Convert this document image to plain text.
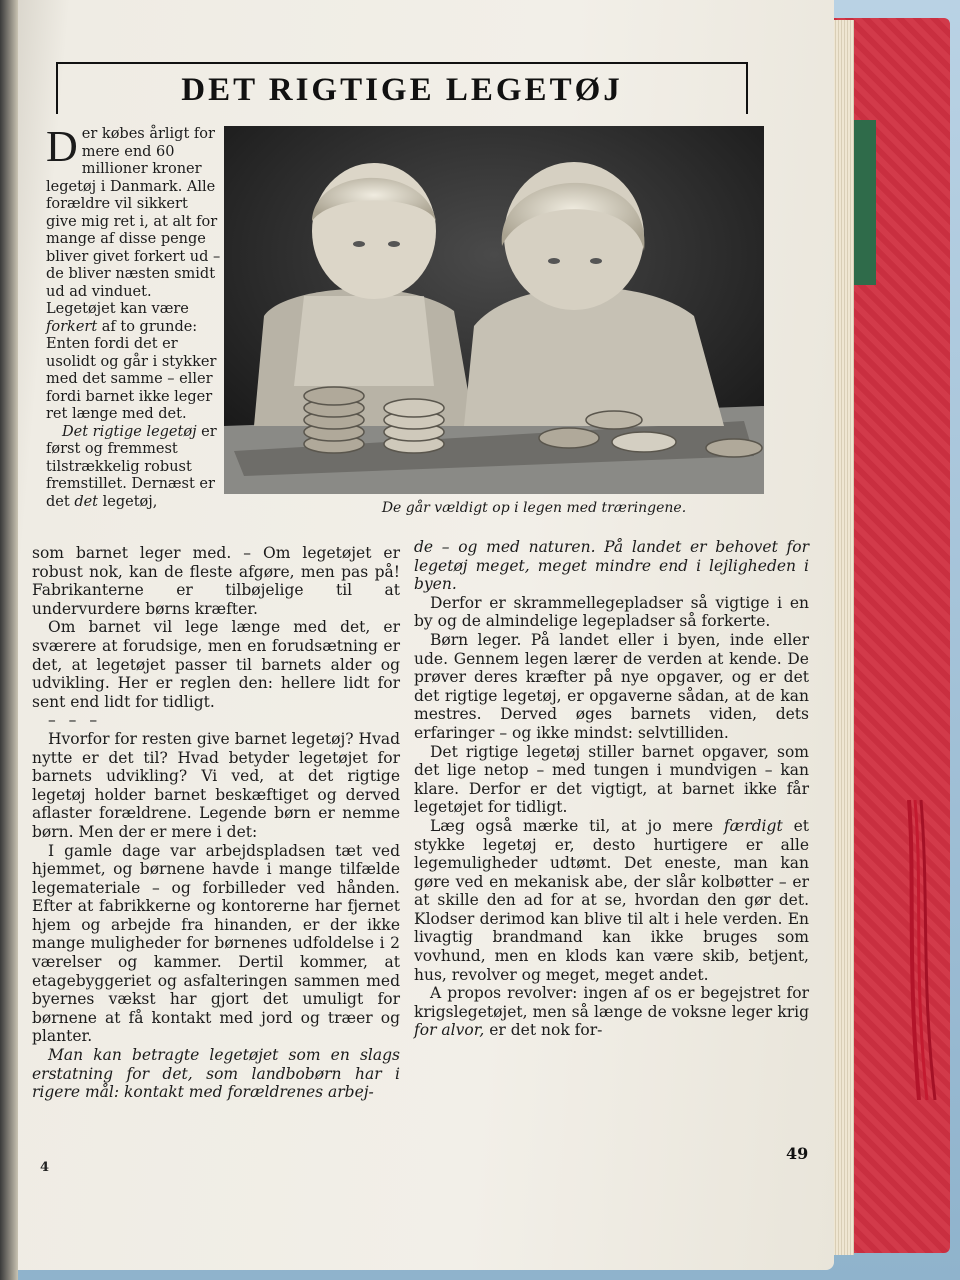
DET RIGTIGE LEGETØJ

Der købes årligt for mere end 60 millioner kroner legetøj i Danmark. Alle forældre vil sikkert give mig ret i, at alt for mange af disse penge bliver givet forkert ud – de bliver næsten smidt ud ad vinduet. Legetøjet kan være forkert af to grunde: Enten fordi det er usolidt og går i stykker med det samme – eller fordi barnet ikke leger ret længe med det.

Det rigtige legetøj er først og fremmest tilstrækkelig robust fremstillet. Dernæst er det det legetøj,	De går vældigt op i legen med træringene.

som barnet leger med. – Om legetøjet er robust nok, kan de fleste afgøre, men pas på! Fabrikanterne er tilbøjelige til at undervurdere børns kræfter.

Om barnet vil lege længe med det, er sværere at forudsige, men en forudsætning er det, at legetøjet passer til barnets alder og udvikling. Her er reglen den: hellere lidt for sent end lidt for tidligt.

– – –

Hvorfor for resten give barnet legetøj? Hvad nytte er det til? Hvad betyder legetøjet for barnets udvikling? Vi ved, at det rigtige legetøj holder barnet beskæftiget og derved aflaster forældrene. Legende børn er nemme børn. Men der er mere i det:

I gamle dage var arbejdspladsen tæt ved hjemmet, og børnene havde i mange tilfælde legemateriale – og forbilleder ved hånden. Efter at fabrikkerne og kontorerne har fjernet hjem og arbejde fra hinanden, er der ikke mange muligheder for børnenes udfoldelse i 2 værelser og kammer. Dertil kommer, at etagebyggeriet og asfalteringen sammen med byernes vækst har gjort det umuligt for børnene at få kontakt med jord og træer og planter.

Man kan betragte legetøjet som en slags erstatning for det, som landbobørn har i rigere mål: kontakt med forældrenes arbej-

de – og med naturen. På landet er behovet for legetøj meget, meget mindre end i lejligheden i byen.

Derfor er skrammellegepladser så vigtige i en by og de almindelige legepladser så forkerte.

Børn leger. På landet eller i byen, inde eller ude. Gennem legen lærer de verden at kende. De prøver deres kræfter på nye opgaver, og er det det rigtige legetøj, er opgaverne sådan, at de kan mestres. Derved øges barnets viden, dets erfaringer – og ikke mindst: selvtilliden.

Det rigtige legetøj stiller barnet opgaver, som det lige netop – med tungen i mundvigen – kan klare. Derfor er det vigtigt, at barnet ikke får legetøjet for tidligt.

Læg også mærke til, at jo mere færdigt et stykke legetøj er, desto hurtigere er alle legemuligheder udtømt. Det eneste, man kan gøre ved en mekanisk abe, der slår kolbøtter – er at skille den ad for at se, hvordan den gør det. Klodser derimod kan blive til alt i hele verden. En livagtig brandmand kan ikke bruges som vovhund, men en klods kan være skib, betjent, hus, revolver og meget, meget andet.

A propos revolver: ingen af os er begejstret for krigslegetøjet, men så længe de voksne leger krig for alvor, er det nok for-

4
49
